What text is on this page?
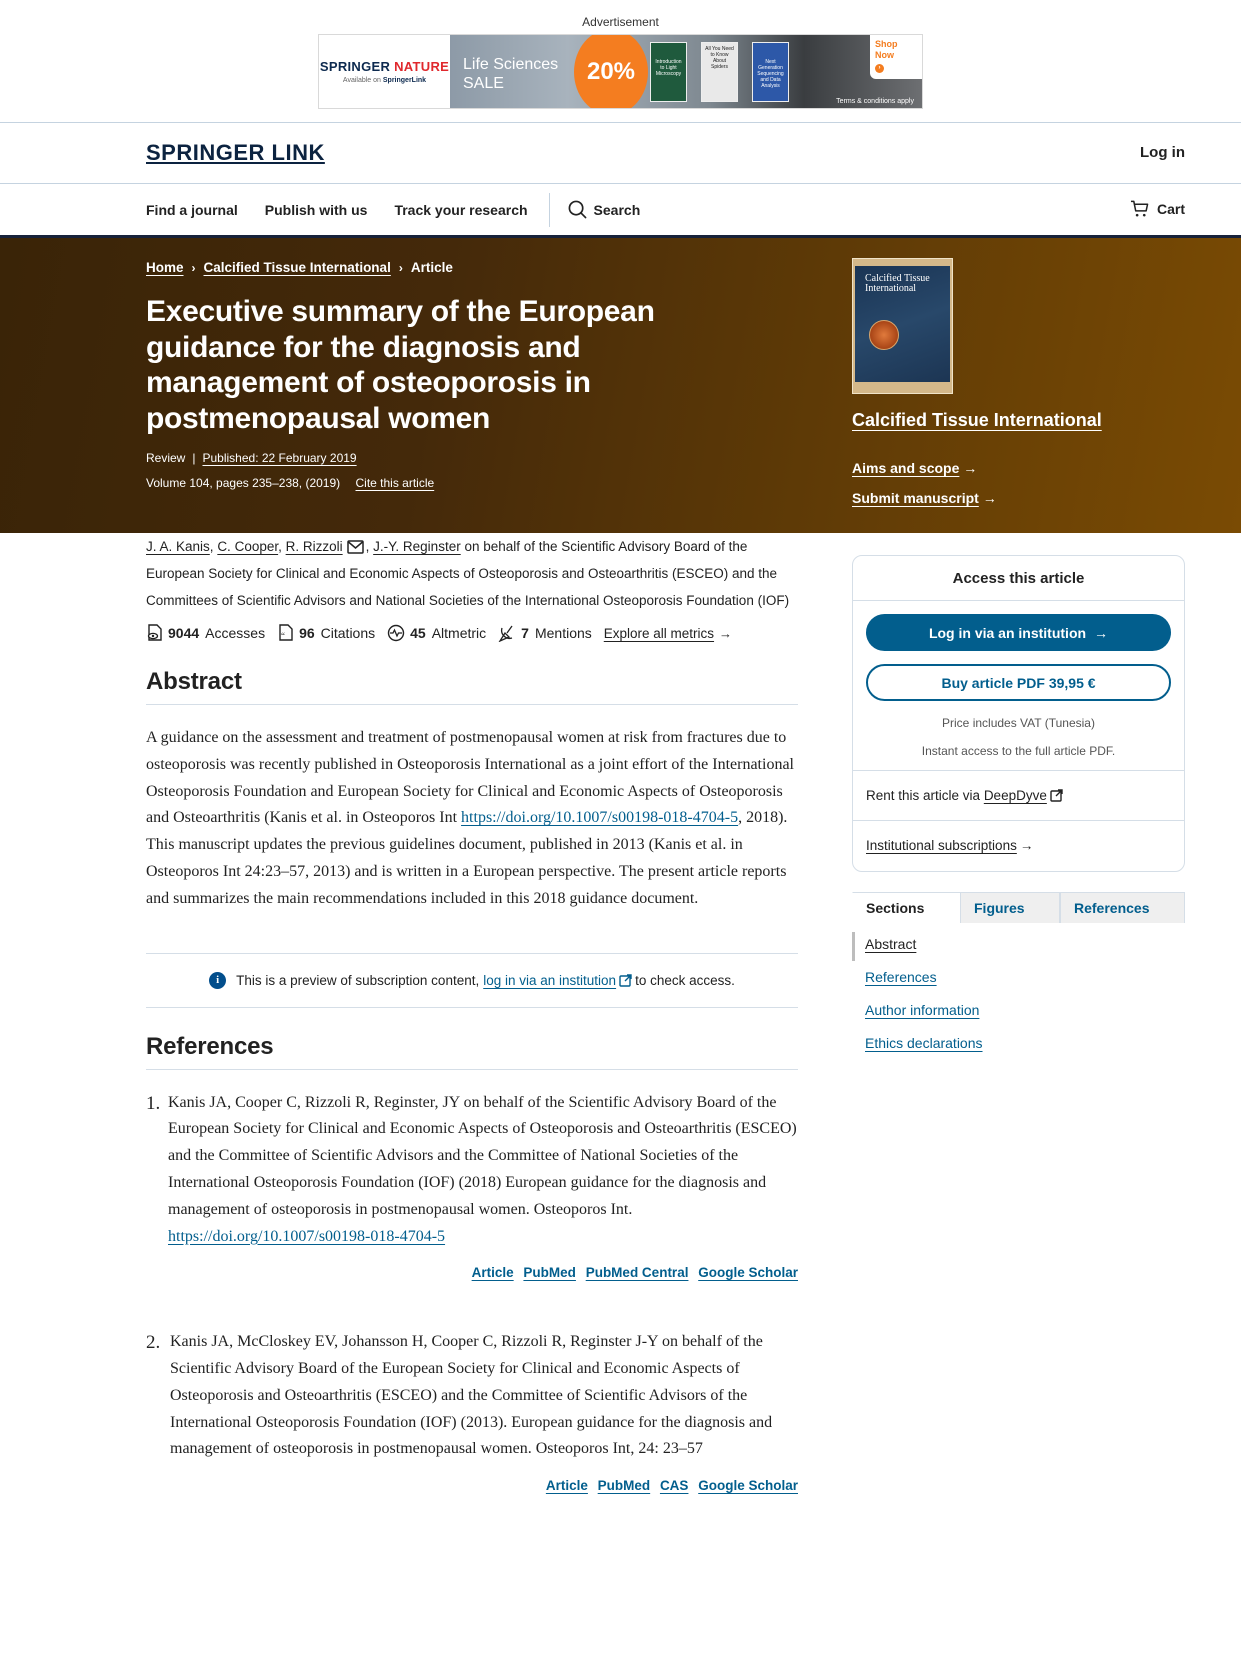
Advertisement
SPRINGER NATURE
Available on SpringerLink
Life Sciences
SALE	20%	Introduction to Light Microscopy
All You Need to Know About Spiders
Next Generation Sequencing and Data Analysis
Shop
Now
›
Terms & conditions apply
SPRINGER LINK	Log in
Find a journal Publish with us Track your research	Search	Cart
Home › Calcified Tissue International › Article
Executive summary of the European guidance for the diagnosis and management of osteoporosis in postmenopausal women
Review | Published: 22 February 2019
Volume 104, pages 235–238, (2019) Cite this article
Calcified Tissue International
Calcified Tissue International
Aims and scope →
Submit manuscript →
J. A. Kanis, C. Cooper, R. Rizzoli , J.-Y. Reginster on behalf of the Scientific Advisory Board of the European Society for Clinical and Economic Aspects of Osteoporosis and Osteoarthritis (ESCEO) and the Committees of Scientific Advisors and National Societies of the International Osteoporosis Foundation (IOF)
9044 Accesses “ 96 Citations	45 Altmetric	7 Mentions Explore all metrics →
Abstract

A guidance on the assessment and treatment of postmenopausal women at risk from fractures due to osteoporosis was recently published in Osteoporosis International as a joint effort of the International Osteoporosis Foundation and European Society for Clinical and Economic Aspects of Osteoporosis and Osteoarthritis (Kanis et al. in Osteoporos Int https://doi.org/10.1007/s00198-018-4704-5, 2018). This manuscript updates the previous guidelines document, published in 2013 (Kanis et al. in Osteoporos Int 24:23–57, 2013) and is written in a European perspective. The present article reports and summarizes the main recommendations included in this 2018 guidance document.

i	This is a preview of subscription content, log in via an institution to check access.
References
1. Kanis JA, Cooper C, Rizzoli R, Reginster, JY on behalf of the Scientific Advisory Board of the European Society for Clinical and Economic Aspects of Osteoporosis and Osteoarthritis (ESCEO) and the Committee of Scientific Advisors and the Committee of National Societies of the International Osteoporosis Foundation (IOF) (2018) European guidance for the diagnosis and management of osteoporosis in postmenopausal women. Osteoporos Int. https://doi.org/10.1007/s00198-018-4704-5
Article PubMed PubMed Central Google Scholar
2. Kanis JA, McCloskey EV, Johansson H, Cooper C, Rizzoli R, Reginster J-Y on behalf of the Scientific Advisory Board of the European Society for Clinical and Economic Aspects of Osteoporosis and Osteoarthritis (ESCEO) and the Committee of Scientific Advisors of the International Osteoporosis Foundation (IOF) (2013). European guidance for the diagnosis and management of osteoporosis in postmenopausal women. Osteoporos Int, 24: 23–57
Article PubMed CAS Google Scholar
Access this article
Log in via an institution →
Buy article PDF 39,95 €
Price includes VAT (Tunesia)
Instant access to the full article PDF.
Rent this article via
DeepDyve
Institutional subscriptions →
Sections	Figures	References
Abstract
References
Author information
Ethics declarations
